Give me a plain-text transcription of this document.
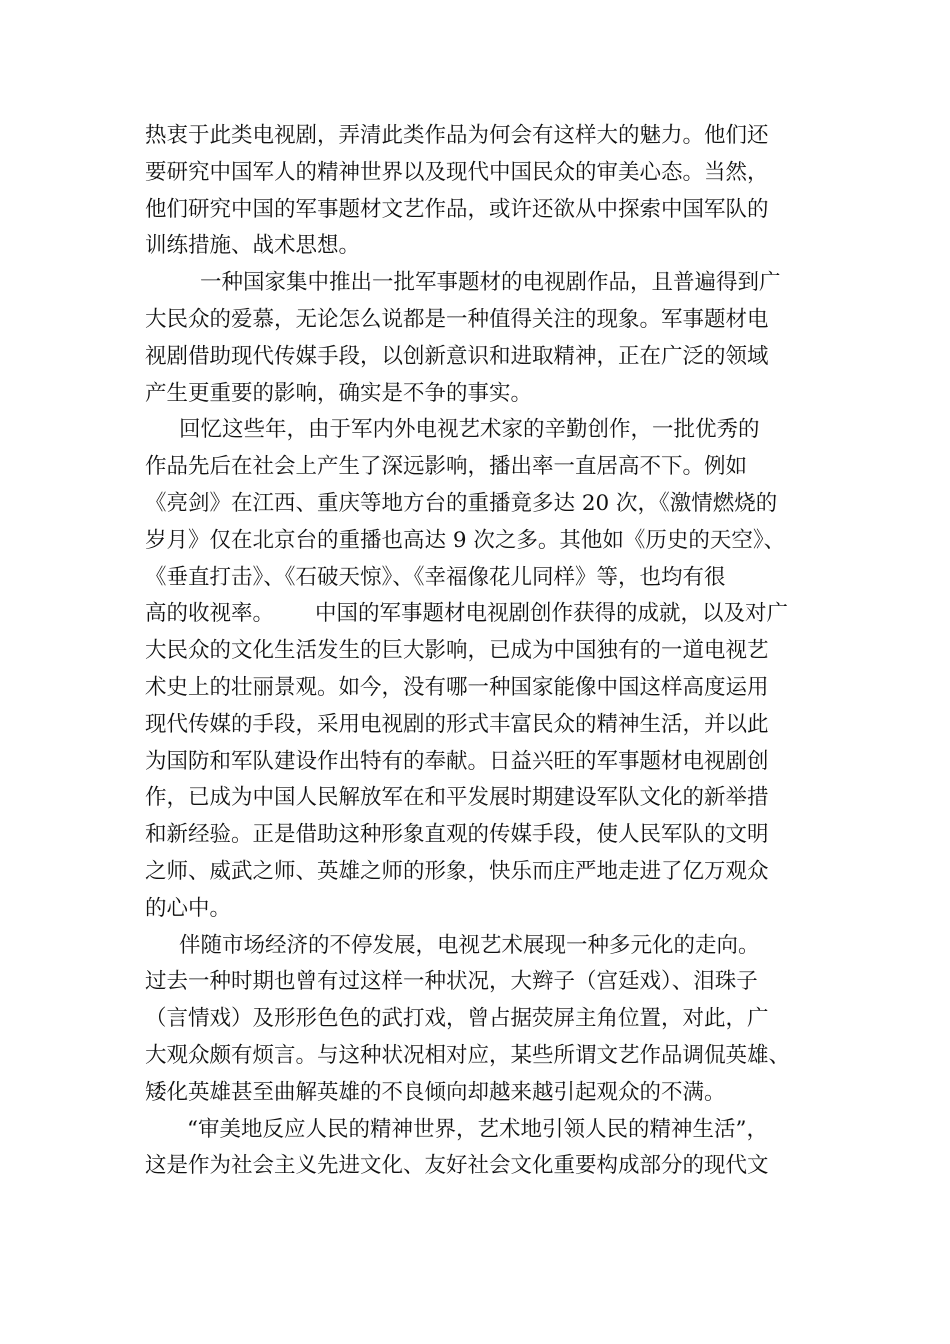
热衷于此类电视剧，弄清此类作品为何会有这样大的魅力。他们还
要研究中国军人的精神世界以及现代中国民众的审美心态。当然，
他们研究中国的军事题材文艺作品，或许还欲从中探索中国军队的
训练措施、战术思想。
一种国家集中推出一批军事题材的电视剧作品，且普遍得到广
大民众的爱慕，无论怎么说都是一种值得关注的现象。军事题材电
视剧借助现代传媒手段，以创新意识和进取精神，正在广泛的领域
产生更重要的影响，确实是不争的事实。
回忆这些年，由于军内外电视艺术家的辛勤创作，一批优秀的
作品先后在社会上产生了深远影响，播出率一直居高不下。例如
《亮剑》在江西、重庆等地方台的重播竟多达 20 次，《激情燃烧的
岁月》仅在北京台的重播也高达 9 次之多。其他如《历史的天空》、
《垂直打击》、《石破天惊》、《幸福像花儿同样》等，也均有很
高的收视率。      中国的军事题材电视剧创作获得的成就，以及对广
大民众的文化生活发生的巨大影响，已成为中国独有的一道电视艺
术史上的壮丽景观。如今，没有哪一种国家能像中国这样高度运用
现代传媒的手段，采用电视剧的形式丰富民众的精神生活，并以此
为国防和军队建设作出特有的奉献。日益兴旺的军事题材电视剧创
作，已成为中国人民解放军在和平发展时期建设军队文化的新举措
和新经验。正是借助这种形象直观的传媒手段，使人民军队的文明
之师、威武之师、英雄之师的形象，快乐而庄严地走进了亿万观众
的心中。
伴随市场经济的不停发展，电视艺术展现一种多元化的走向。
过去一种时期也曾有过这样一种状况，大辫子（宫廷戏）、泪珠子
（言情戏）及形形色色的武打戏，曾占据荧屏主角位置，对此，广
大观众颇有烦言。与这种状况相对应，某些所谓文艺作品调侃英雄、
矮化英雄甚至曲解英雄的不良倾向却越来越引起观众的不满。
“审美地反应人民的精神世界，艺术地引领人民的精神生活”，
这是作为社会主义先进文化、友好社会文化重要构成部分的现代文
